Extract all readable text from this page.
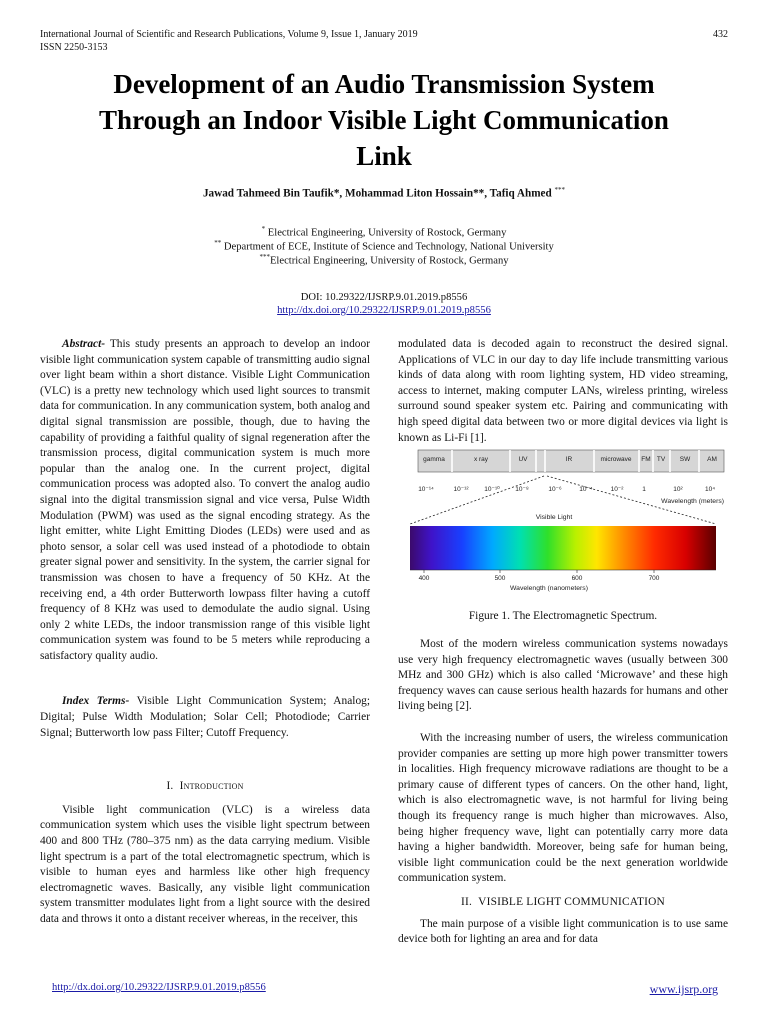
International Journal of Scientific and Research Publications, Volume 9, Issue 1, January 2019
ISSN 2250-3153
432
Development of an Audio Transmission System
Through an Indoor Visible Light Communication
Link
Jawad Tahmeed Bin Taufik*, Mohammad Liton Hossain**, Tafiq Ahmed ***
* Electrical Engineering, University of Rostock, Germany
** Department of ECE, Institute of Science and Technology, National University
***Electrical Engineering, University of Rostock, Germany
DOI: 10.29322/IJSRP.9.01.2019.p8556
http://dx.doi.org/10.29322/IJSRP.9.01.2019.p8556

Abstract- This study presents an approach to develop an indoor visible light communication system capable of transmitting audio signal over light beam within a short distance. Visible Light Communication (VLC) is a pretty new technology which used light sources to transmit data for communication. In any communication system, both analog and digital signal transmission are possible, though, due to having the capability of providing a faithful quality of signal regeneration after the transmission process, digital communication system is much more popular than the analog one. In the current project, digital communication process was adopted also. To convert the analog audio signal into the digital transmission signal and vice versa, Pulse Width Modulation (PWM) was used as the signal encoding strategy. As the light emitter, white Light Emitting Diodes (LEDs) were used and as photo sensor, a solar cell was used instead of a photodiode to obtain greater signal power and sensitivity. In the system, the carrier signal for transmission was chosen to have a frequency of 50 KHz. At the receiving end, a 4th order Butterworth lowpass filter having a cutoff frequency of 8 KHz was used to demodulate the audio signal. Using only 2 white LEDs, the indoor transmission range of this visible light communication system was found to be 5 meters while reproducing a satisfactory quality audio.

Index Terms- Visible Light Communication System; Analog; Digital; Pulse Width Modulation; Solar Cell; Photodiode; Carrier Signal; Butterworth low pass Filter; Cutoff Frequency.

I. Introduction

Visible light communication (VLC) is a wireless data communication system which uses the visible light spectrum between 400 and 800 THz (780–375 nm) as the data carrying medium. Visible light spectrum is a part of the total electromagnetic spectrum, which is visible to human eyes and harmless like other high frequency electromagnetic waves. Basically, any visible light communication system transmitter modulates light from a light source with the desired data and throws it onto a distant receiver whereas, in the receiver, this

modulated data is decoded again to reconstruct the desired signal. Applications of VLC in our day to day life include transmitting various kinds of data along with room lighting system, HD video streaming, access to internet, making computer LANs, wireless printing, wireless surround sound speaker system etc. Pairing and communicating with high speed digital data between two or more digital devices via light is known as Li-Fi [1].

gamma	x ray	UV	IR	microwave FM TV SW	AM
10⁻¹⁴	10⁻¹² 10⁻¹⁰ 10⁻⁸	10⁻⁶	10⁻⁴	10⁻²	1	10²	10⁴
Wavelength (meters)
Visible Light
400	500	600	700
Wavelength (nanometers)
Figure 1. The Electromagnetic Spectrum.

Most of the modern wireless communication systems nowadays use very high frequency electromagnetic waves (usually between 300 MHz and 300 GHz) which is also called ‘Microwave’ and these high frequency waves can cause serious health hazards for humans and other living being [2].

With the increasing number of users, the wireless communication provider companies are setting up more high power transmitter towers in localities. High frequency microwave radiations are thought to be a primary cause of different types of cancers. On the other hand, light, which is also electromagnetic wave, is not harmful for living being though its frequency range is much higher than microwaves. Also, being higher frequency wave, light can potentially carry more data having a higher bandwidth. Moreover, being safe for human being, visible light communication could be the next generation worldwide communication system.

II. VISIBLE LIGHT COMMUNICATION

The main purpose of a visible light communication is to use same device both for lighting an area and for data

http://dx.doi.org/10.29322/IJSRP.9.01.2019.p8556	www.ijsrp.org
